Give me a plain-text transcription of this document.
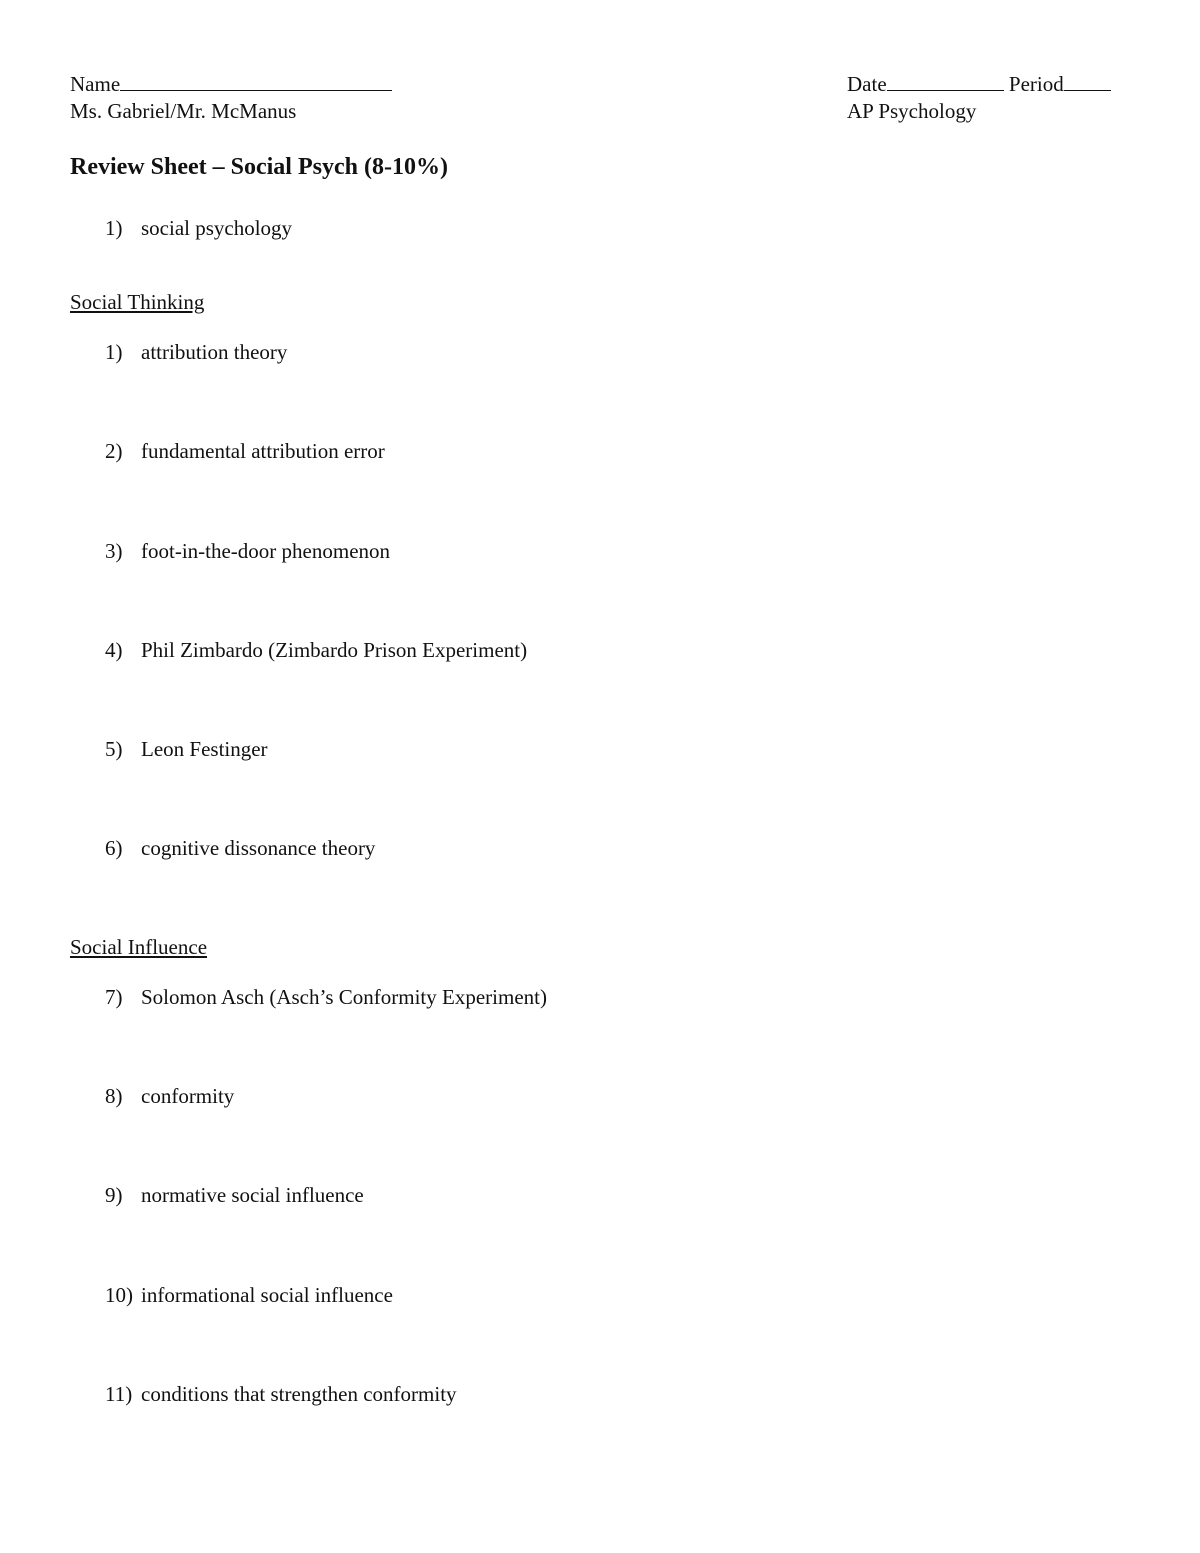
Name
Ms. Gabriel/Mr. McManus
Date	Period
AP Psychology
Review Sheet – Social Psych (8-10%)
1) social psychology
Social Thinking
1) attribution theory
2) fundamental attribution error
3) foot-in-the-door phenomenon
4) Phil Zimbardo (Zimbardo Prison Experiment)
5) Leon Festinger
6) cognitive dissonance theory
Social Influence
7) Solomon Asch (Asch’s Conformity Experiment)
8) conformity
9) normative social influence
10) informational social influence
11) conditions that strengthen conformity
